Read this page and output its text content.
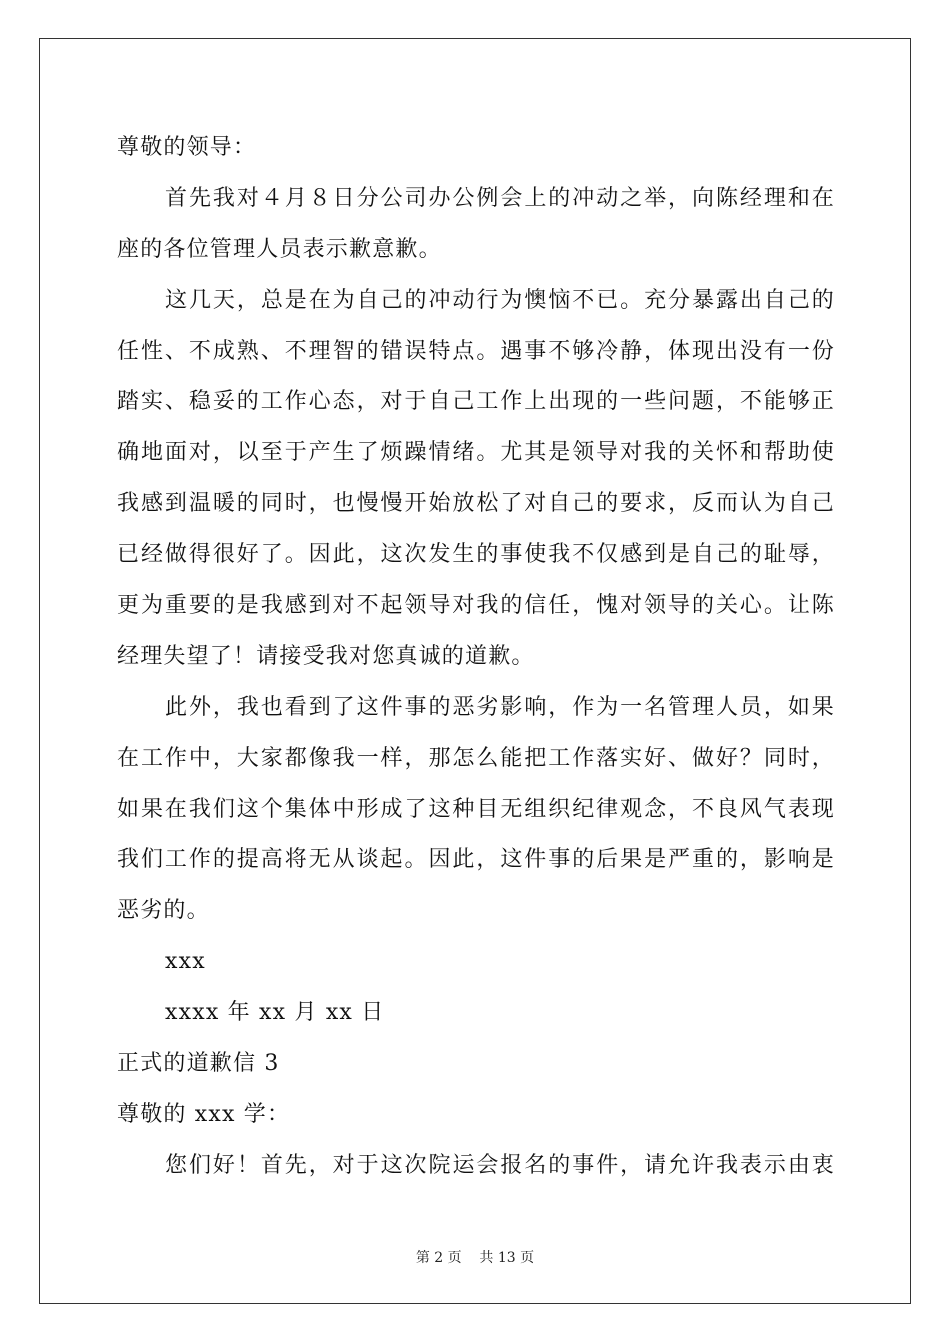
尊敬的领导：
首先我对４月８日分公司办公例会上的冲动之举，向陈经理和在
座的各位管理人员表示歉意歉。
这几天，总是在为自己的冲动行为懊恼不已。充分暴露出自己的
任性、不成熟、不理智的错误特点。遇事不够冷静，体现出没有一份
踏实、稳妥的工作心态，对于自己工作上出现的一些问题，不能够正
确地面对，以至于产生了烦躁情绪。尤其是领导对我的关怀和帮助使
我感到温暖的同时，也慢慢开始放松了对自己的要求，反而认为自己
已经做得很好了。因此，这次发生的事使我不仅感到是自己的耻辱，
更为重要的是我感到对不起领导对我的信任，愧对领导的关心。让陈
经理失望了！请接受我对您真诚的道歉。
此外，我也看到了这件事的恶劣影响，作为一名管理人员，如果
在工作中，大家都像我一样，那怎么能把工作落实好、做好？同时，
如果在我们这个集体中形成了这种目无组织纪律观念，不良风气表现
我们工作的提高将无从谈起。因此，这件事的后果是严重的，影响是
恶劣的。
xxx
xxxx 年 xx 月 xx 日
正式的道歉信 3
尊敬的 xxx 学：
您们好！首先，对于这次院运会报名的事件，请允许我表示由衷
第 2 页    共 13 页
